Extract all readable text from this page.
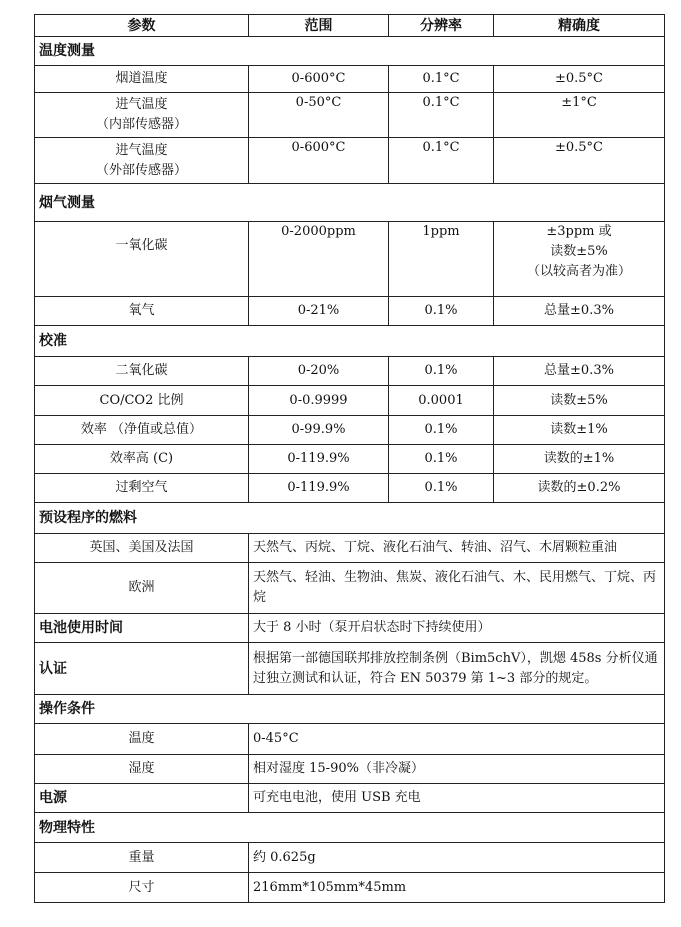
参数	范围	分辨率	精确度
温度测量			
烟道温度	0-600°C	0.1°C	±0.5°C

进气温度
（内部传感器）	0-50°C	0.1°C	±1°C

进气温度
（外部传感器）	0-600°C	0.1°C	±0.5°C
烟气测量			
一氧化碳	0-2000ppm	1ppm	±3ppm 或
读数±5%
（以较高者为准）

氧气	0-21%	0.1%	总量±0.3%
校准			
二氧化碳	0-20%	0.1%	总量±0.3%
CO/CO2 比例	0-0.9999	0.0001	读数±5%
效率 （净值或总值）	0-99.9%	0.1%	读数±1%
效率高 (C)	0-119.9%	0.1%	读数的±1%
过剩空气	0-119.9%	0.1%	读数的±0.2%
预设程序的燃料			
英国、美国及法国	天然气、丙烷、丁烷、液化石油气、转油、沼气、木屑颗粒重油		
欧洲	天然气、轻油、生物油、焦炭、液化石油气、木、民用燃气、丁烷、丙烷		
电池使用时间	大于 8 小时（泵开启状态时下持续使用）		
认证	根据第一部德国联邦排放控制条例（Bim5chV），凯煾 458s 分析仪通过独立测试和认证，符合 EN 50379 第 1~3 部分的规定。		
操作条件			
温度	0-45°C		
湿度	相对湿度 15-90%（非冷凝）		
电源	可充电电池，使用 USB 充电		
物理特性			
重量	约 0.625g		
尺寸	216mm*105mm*45mm		
